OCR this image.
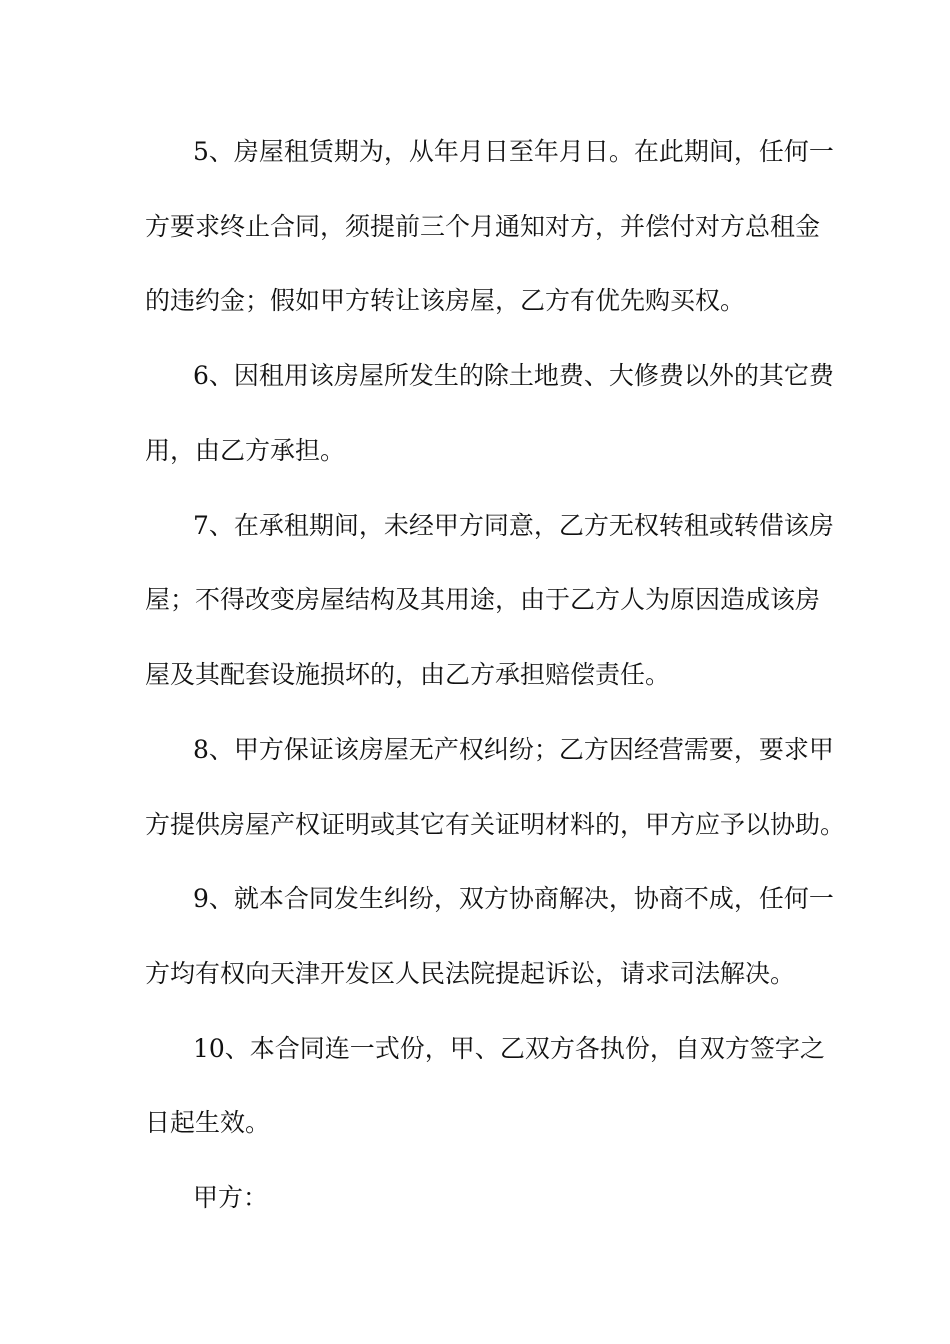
5、房屋租赁期为，从年月日至年月日。在此期间，任何一
方要求终止合同，须提前三个月通知对方，并偿付对方总租金
的违约金；假如甲方转让该房屋，乙方有优先购买权。
6、因租用该房屋所发生的除土地费、大修费以外的其它费
用，由乙方承担。
7、在承租期间，未经甲方同意，乙方无权转租或转借该房
屋；不得改变房屋结构及其用途，由于乙方人为原因造成该房
屋及其配套设施损坏的，由乙方承担赔偿责任。
8、甲方保证该房屋无产权纠纷；乙方因经营需要，要求甲
方提供房屋产权证明或其它有关证明材料的，甲方应予以协助。
9、就本合同发生纠纷，双方协商解决，协商不成，任何一
方均有权向天津开发区人民法院提起诉讼，请求司法解决。
10、本合同连一式份，甲、乙双方各执份，自双方签字之
日起生效。
甲方：
